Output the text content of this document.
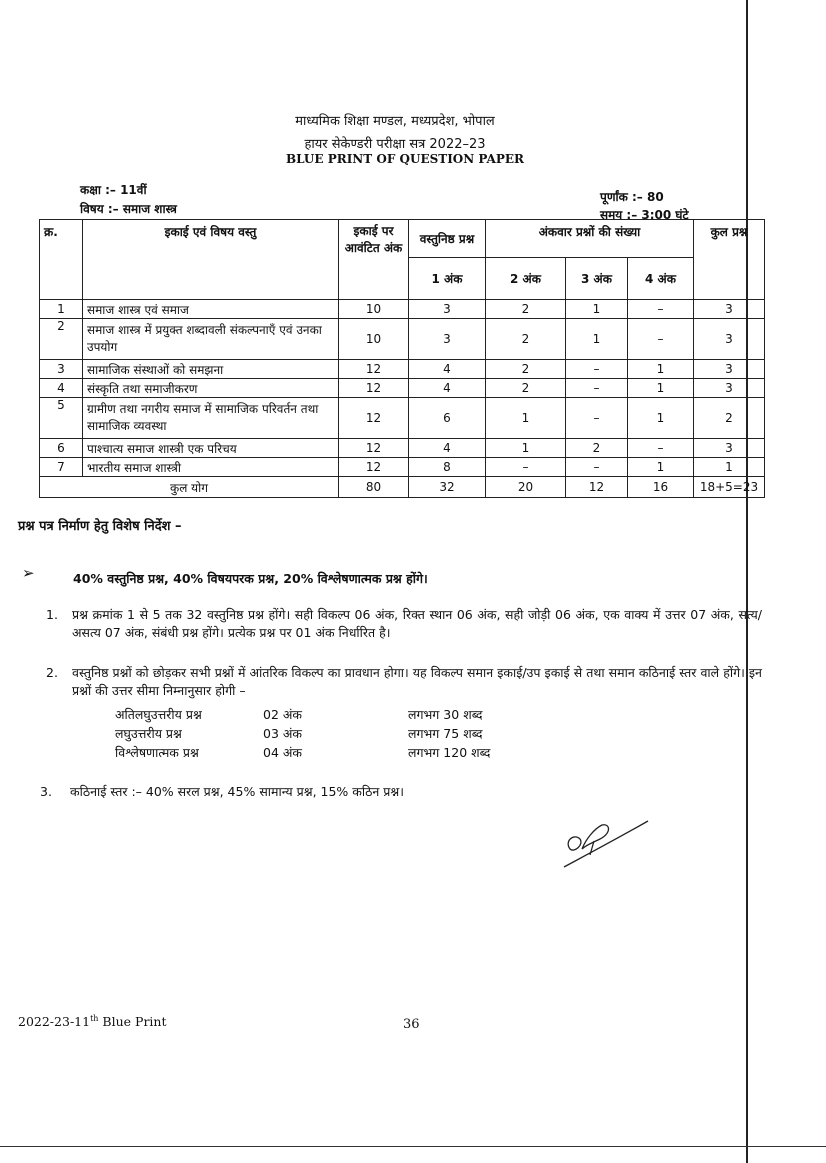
माध्यमिक शिक्षा मण्डल, मध्यप्रदेश, भोपाल
हायर सेकेण्डरी परीक्षा सत्र 2022–23
BLUE PRINT OF QUESTION PAPER
कक्षा :– 11वीं
विषय :– समाज शास्त्र
पूर्णांक :– 80
समय :– 3:00 घंटे
क्र.	इकाई एवं विषय वस्तु	इकाई पर आवंटित अंक	वस्तुनिष्ठ प्रश्न	अंकवार प्रश्नों की संख्या			कुल प्रश्न
			1 अंक	2 अंक	3 अंक	4 अंक	
1	समाज शास्त्र एवं समाज	10	3	2	1	–	3
2	समाज शास्त्र में प्रयुक्त शब्दावली संकल्पनाएँ एवं उनका उपयोग	10	3	2	1	–	3
3	सामाजिक संस्थाओं को समझना	12	4	2	–	1	3
4	संस्कृति तथा समाजीकरण	12	4	2	–	1	3
5	ग्रामीण तथा नगरीय समाज में सामाजिक परिवर्तन तथा सामाजिक व्यवस्था	12	6	1	–	1	2
6	पाश्चात्य समाज शास्त्री एक परिचय	12	4	1	2	–	3
7	भारतीय समाज शास्त्री	12	8	–	–	1	1
कुल योग		80	32	20	12	16	18+5=23
प्रश्न पत्र निर्माण हेतु विशेष निर्देश –
➢	40% वस्तुनिष्ठ प्रश्न, 40% विषयपरक प्रश्न, 20% विश्लेषणात्मक प्रश्न होंगे।
1. प्रश्न क्रमांक 1 से 5 तक 32 वस्तुनिष्ठ प्रश्न होंगे। सही विकल्प 06 अंक, रिक्त स्थान 06 अंक, सही जोड़ी 06 अंक, एक वाक्य में उत्तर 07 अंक, सत्य/असत्य 07 अंक, संबंधी प्रश्न होंगे। प्रत्येक प्रश्न पर 01 अंक निर्धारित है।
2. वस्तुनिष्ठ प्रश्नों को छोड़कर सभी प्रश्नों में आंतरिक विकल्प का प्रावधान होगा। यह विकल्प समान इकाई/उप इकाई से तथा समान कठिनाई स्तर वाले होंगे। इन प्रश्नों की उत्तर सीमा निम्नानुसार होगी –
अतिलघुउत्तरीय प्रश्न	02 अंक	लगभग 30 शब्द
लघुउत्तरीय प्रश्न	03 अंक	लगभग 75 शब्द
विश्लेषणात्मक प्रश्न	04 अंक	लगभग 120 शब्द
3. कठिनाई स्तर :– 40% सरल प्रश्न, 45% सामान्य प्रश्न, 15% कठिन प्रश्न।
2022-23-11th Blue Print	36
